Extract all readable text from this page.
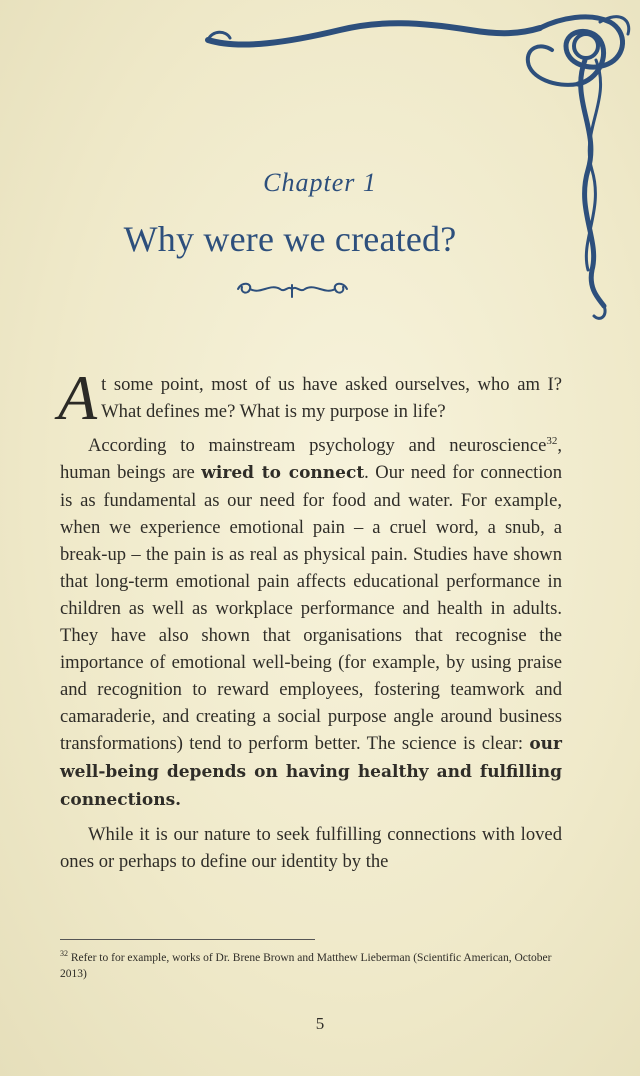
Chapter 1
Why were we created?

At some point, most of us have asked ourselves, who am I? What defines me? What is my purpose in life?

According to mainstream psychology and neuroscience$^{32}$, human beings are wired to connect. Our need for connection is as fundamental as our need for food and water. For example, when we experience emotional pain – a cruel word, a snub, a break-up – the pain is as real as physical pain. Studies have shown that long-term emotional pain affects educational performance in children as well as workplace performance and health in adults. They have also shown that organisations that recognise the importance of emotional well-being (for example, by using praise and recognition to reward employees, fostering teamwork and camaraderie, and creating a social purpose angle around business transformations) tend to perform better. The science is clear: our well-being depends on having healthy and fulfilling connections.

While it is our nature to seek fulfilling connections with loved ones or perhaps to define our identity by the

$^{32}$ Refer to for example, works of Dr. Brene Brown and Matthew Lieberman (Scientific American, October 2013)
5
